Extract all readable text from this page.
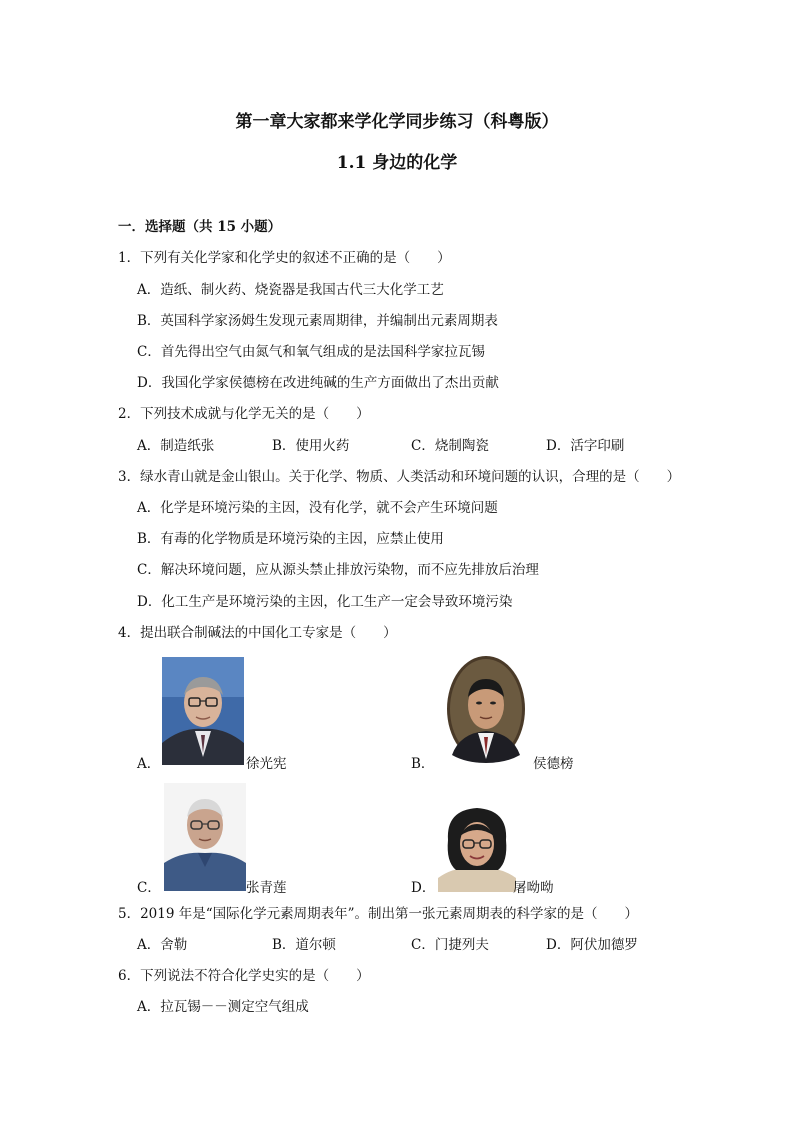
第一章大家都来学化学同步练习（科粤版）
1.1 身边的化学
一．选择题（共 15 小题）
1．下列有关化学家和化学史的叙述不正确的是（　　）
A．造纸、制火药、烧瓷器是我国古代三大化学工艺
B．英国科学家汤姆生发现元素周期律，并编制出元素周期表
C．首先得出空气由氮气和氧气组成的是法国科学家拉瓦锡
D．我国化学家侯德榜在改进纯碱的生产方面做出了杰出贡献
2．下列技术成就与化学无关的是（　　）
A．制造纸张	B．使用火药	C．烧制陶瓷	D．活字印刷
3．绿水青山就是金山银山。关于化学、物质、人类活动和环境问题的认识，合理的是（　　）
A．化学是环境污染的主因，没有化学，就不会产生环境问题
B．有毒的化学物质是环境污染的主因，应禁止使用
C．解决环境问题，应从源头禁止排放污染物，而不应先排放后治理
D．化工生产是环境污染的主因，化工生产一定会导致环境污染
4．提出联合制碱法的中国化工专家是（　　）
A．	徐光宪	B．	侯德榜
C．	张青莲	D．	屠呦呦
5．2019 年是“国际化学元素周期表年”。制出第一张元素周期表的科学家的是（　　）
A．舍勒	B．道尔顿	C．门捷列夫	D．阿伏加德罗
6．下列说法不符合化学史实的是（　　）
A．拉瓦锡－－测定空气组成
